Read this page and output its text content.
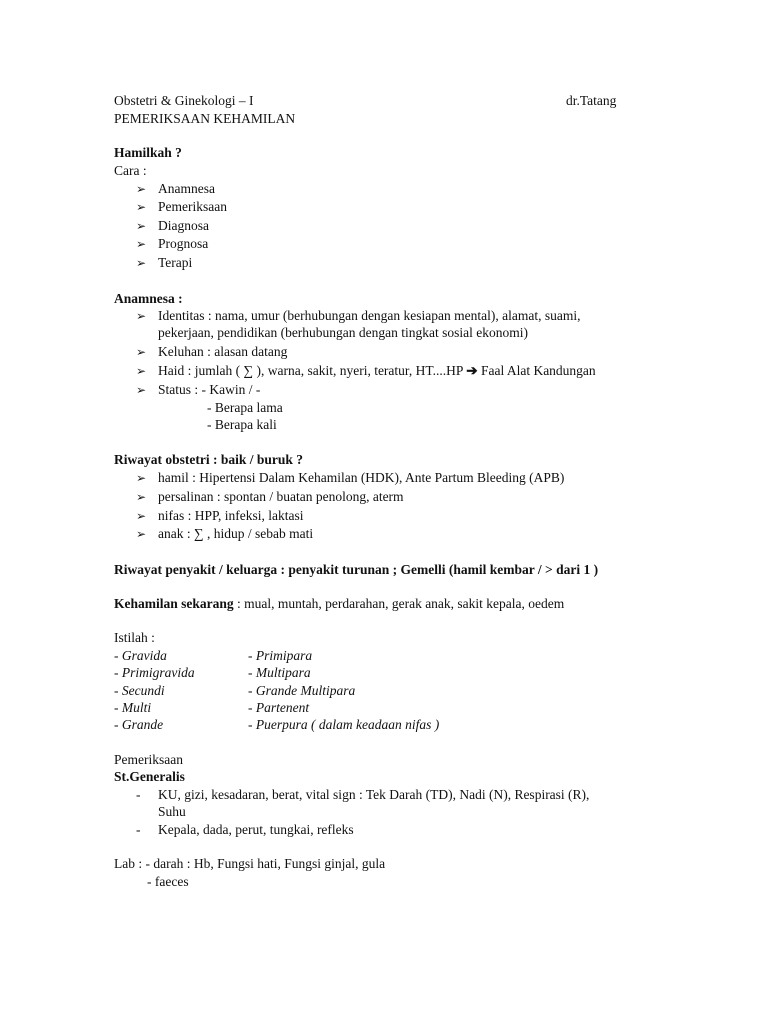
Obstetri & Ginekologi – I	dr.Tatang
PEMERIKSAAN KEHAMILAN
Hamilkah ?
Cara :
➢ Anamnesa
➢ Pemeriksaan
➢ Diagnosa
➢ Prognosa
➢ Terapi
Anamnesa :
➢ Identitas : nama, umur (berhubungan dengan kesiapan mental), alamat, suami,
pekerjaan, pendidikan (berhubungan dengan tingkat sosial ekonomi)
➢ Keluhan : alasan datang
➢ Haid : jumlah ( ∑ ), warna, sakit, nyeri, teratur, HT....HP ➔ Faal Alat Kandungan
➢ Status : - Kawin / -
- Berapa lama
- Berapa kali
Riwayat obstetri : baik / buruk ?
➢ hamil : Hipertensi Dalam Kehamilan (HDK), Ante Partum Bleeding (APB)
➢ persalinan : spontan / buatan penolong, aterm
➢ nifas : HPP, infeksi, laktasi
➢ anak : ∑ , hidup / sebab mati
Riwayat penyakit / keluarga : penyakit turunan ; Gemelli (hamil kembar / > dari 1 )
Kehamilan sekarang : mual, muntah, perdarahan, gerak anak, sakit kepala, oedem
Istilah :
- Gravida	- Primipara
- Primigravida	- Multipara
- Secundi	- Grande Multipara
- Multi	- Partenent
- Grande	- Puerpura ( dalam keadaan nifas )
Pemeriksaan
St.Generalis
- KU, gizi, kesadaran, berat, vital sign : Tek Darah (TD), Nadi (N), Respirasi (R),
Suhu
- Kepala, dada, perut, tungkai, refleks
Lab : - darah : Hb, Fungsi hati, Fungsi ginjal, gula
- faeces
